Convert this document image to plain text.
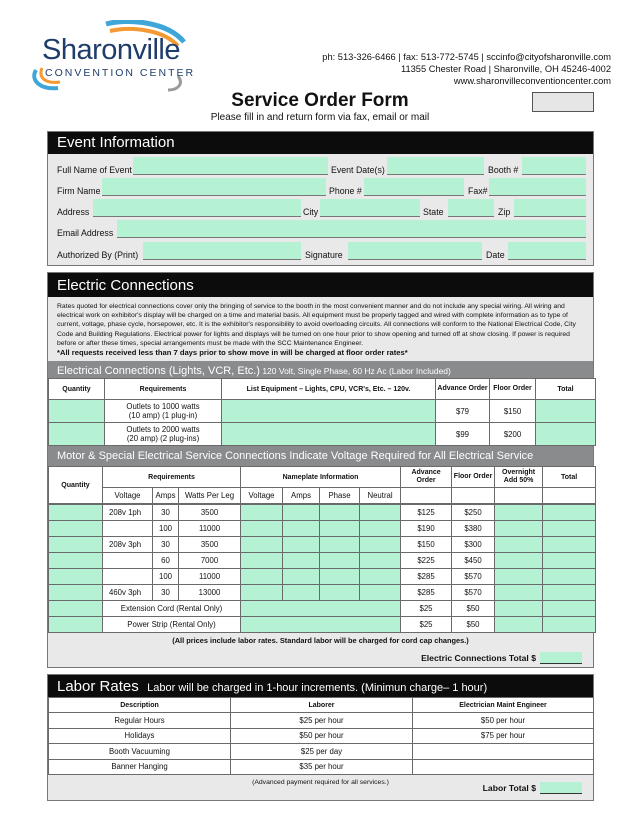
Sharonville
CONVENTION CENTER
ph: 513-326-6466 | fax: 513-772-5745 | sccinfo@cityofsharonville.com
11355 Chester Road | Sharonville, OH 45246-4002
www.sharonvilleconventioncenter.com
Service Order Form
Please fill in and return form via fax, email or mail
Event Information
Full Name of Event	Event Date(s)	Booth #
Firm Name	Phone #	Fax#
Address	City	State	Zip
Email Address
Authorized By (Print)	Signature	Date
Electric Connections
Rates quoted for electrical connections cover only the bringing of service to the booth in the most convenient manner and do not include any special wiring. All wiring and electrical work on exhibitor's display will be charged on a time and material basis. All equipment must be properly tagged and wired with complete information as to type of current, voltage, phase cycle, horsepower, etc. It is the exhibitor's responsibility to avoid overloading circuits. All connections will conform to the National Electrical Code, City Code and Building Regulations. Electrical power for lights and displays will be turned on one hour prior to show opening and turned off at show closing. If power is required before or after these times, special arrangements must be made with the SCC Maintenance Engineer.
*All requests received less than 7 days prior to show move in will be charged at floor order rates*
Electrical Connections (Lights, VCR, Etc.) 120 Volt, Single Phase, 60 Hz Ac (Labor Included)
Quantity	Requirements	List Equipment – Lights, CPU, VCR's, Etc. – 120v.	Advance Order	Floor Order	Total

	Outlets to 1000 watts
(10 amp) (1 plug-in)		$79	$150	

	Outlets to 2000 watts
(20 amp) (2 plug-ins)		$99	$200	
Motor & Special Electrical Service Connections Indicate Voltage Required for All Electrical Service
Quantity	Requirements			Nameplate Information				Advance Order	Floor Order	Overnight Add 50%	Total
	Voltage	Amps	Watts Per Leg	Voltage	Amps	Phase	Neutral				
	208v 1ph	30	3500					$125	$250		
		100	11000					$190	$380		
	208v 3ph	30	3500					$150	$300		
		60	7000					$225	$450		
		100	11000					$285	$570		
	460v 3ph	30	13000					$285	$570		
	Extension Cord (Rental Only)							$25	$50		
	Power Strip (Rental Only)							$25	$50		
(All prices include labor rates. Standard labor will be charged for cord cap changes.)
Electric Connections Total $
Labor Rates Labor will be charged in 1-hour increments. (Minimun charge– 1 hour)
Description	Laborer	Electrician Maint Engineer
Regular Hours	$25 per hour	$50 per hour
Holidays	$50 per hour	$75 per hour
Booth Vacuuming	$25 per day	
Banner Hanging	$35 per hour	
(Advanced payment required for all services.)
Labor Total $
